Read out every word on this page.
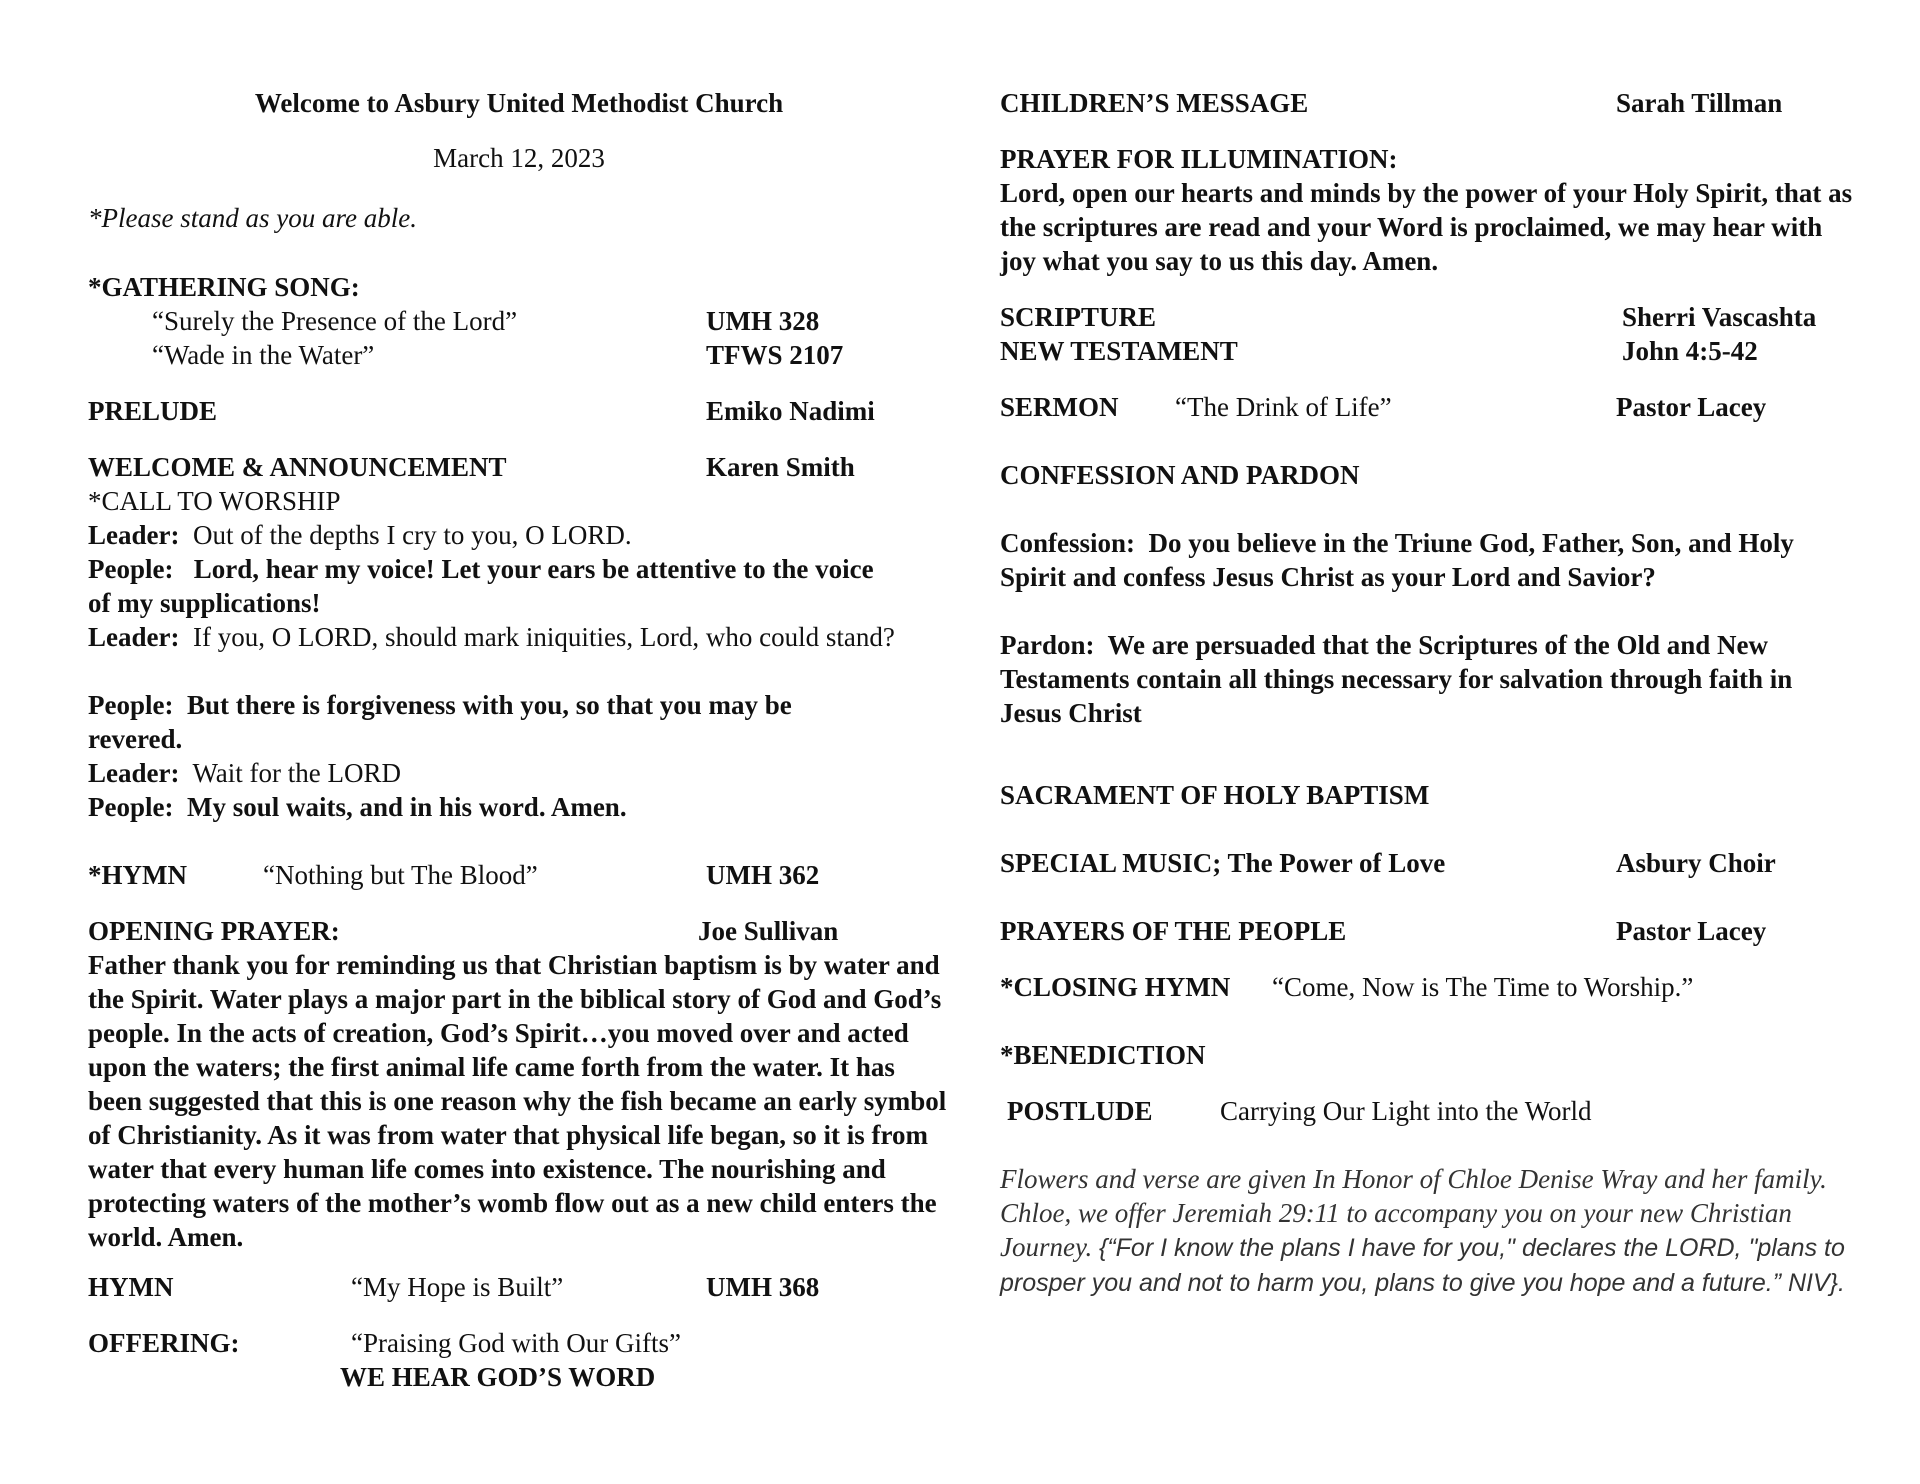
Welcome to Asbury United Methodist Church
March 12, 2023
*Please stand as you are able.
*GATHERING SONG:
“Surely the Presence of the Lord”	UMH 328
“Wade in the Water”	TFWS 2107
PRELUDE	Emiko Nadimi
WELCOME & ANNOUNCEMENT	Karen Smith
*CALL TO WORSHIP
Leader: Out of the depths I cry to you, O LORD.
People: Lord, hear my voice! Let your ears be attentive to the voice of my supplications!
Leader: If you, O LORD, should mark iniquities, Lord, who could stand?
People: But there is forgiveness with you, so that you may be revered.
Leader: Wait for the LORD
People: My soul waits, and in his word. Amen.
*HYMN	“Nothing but The Blood”	UMH 362
OPENING PRAYER:	Joe Sullivan
Father thank you for reminding us that Christian baptism is by water and the Spirit. Water plays a major part in the biblical story of God and God’s people. In the acts of creation, God’s Spirit…you moved over and acted upon the waters; the first animal life came forth from the water. It has been suggested that this is one reason why the fish became an early symbol of Christianity. As it was from water that physical life began, so it is from water that every human life comes into existence. The nourishing and protecting waters of the mother’s womb flow out as a new child enters the world. Amen.
HYMN	“My Hope is Built”	UMH 368
OFFERING:	“Praising God with Our Gifts”
WE HEAR GOD’S WORD
CHILDREN’S MESSAGE	Sarah Tillman
PRAYER FOR ILLUMINATION:
Lord, open our hearts and minds by the power of your Holy Spirit, that as the scriptures are read and your Word is proclaimed, we may hear with joy what you say to us this day. Amen.
SCRIPTURE	Sherri Vascashta
NEW TESTAMENT	John 4:5-42
SERMON “The Drink of Life”	Pastor Lacey
CONFESSION AND PARDON
Confession: Do you believe in the Triune God, Father, Son, and Holy Spirit and confess Jesus Christ as your Lord and Savior?
Pardon: We are persuaded that the Scriptures of the Old and New Testaments contain all things necessary for salvation through faith in Jesus Christ
SACRAMENT OF HOLY BAPTISM
SPECIAL MUSIC; The Power of Love	Asbury Choir
PRAYERS OF THE PEOPLE	Pastor Lacey
*CLOSING HYMN “Come, Now is The Time to Worship.”
*BENEDICTION
POSTLUDE Carrying Our Light into the World
Flowers and verse are given In Honor of Chloe Denise Wray and her family. Chloe, we offer Jeremiah 29:11 to accompany you on your new Christian Journey. {“For I know the plans I have for you," declares the LORD, "plans to prosper you and not to harm you, plans to give you hope and a future.” NIV}.
